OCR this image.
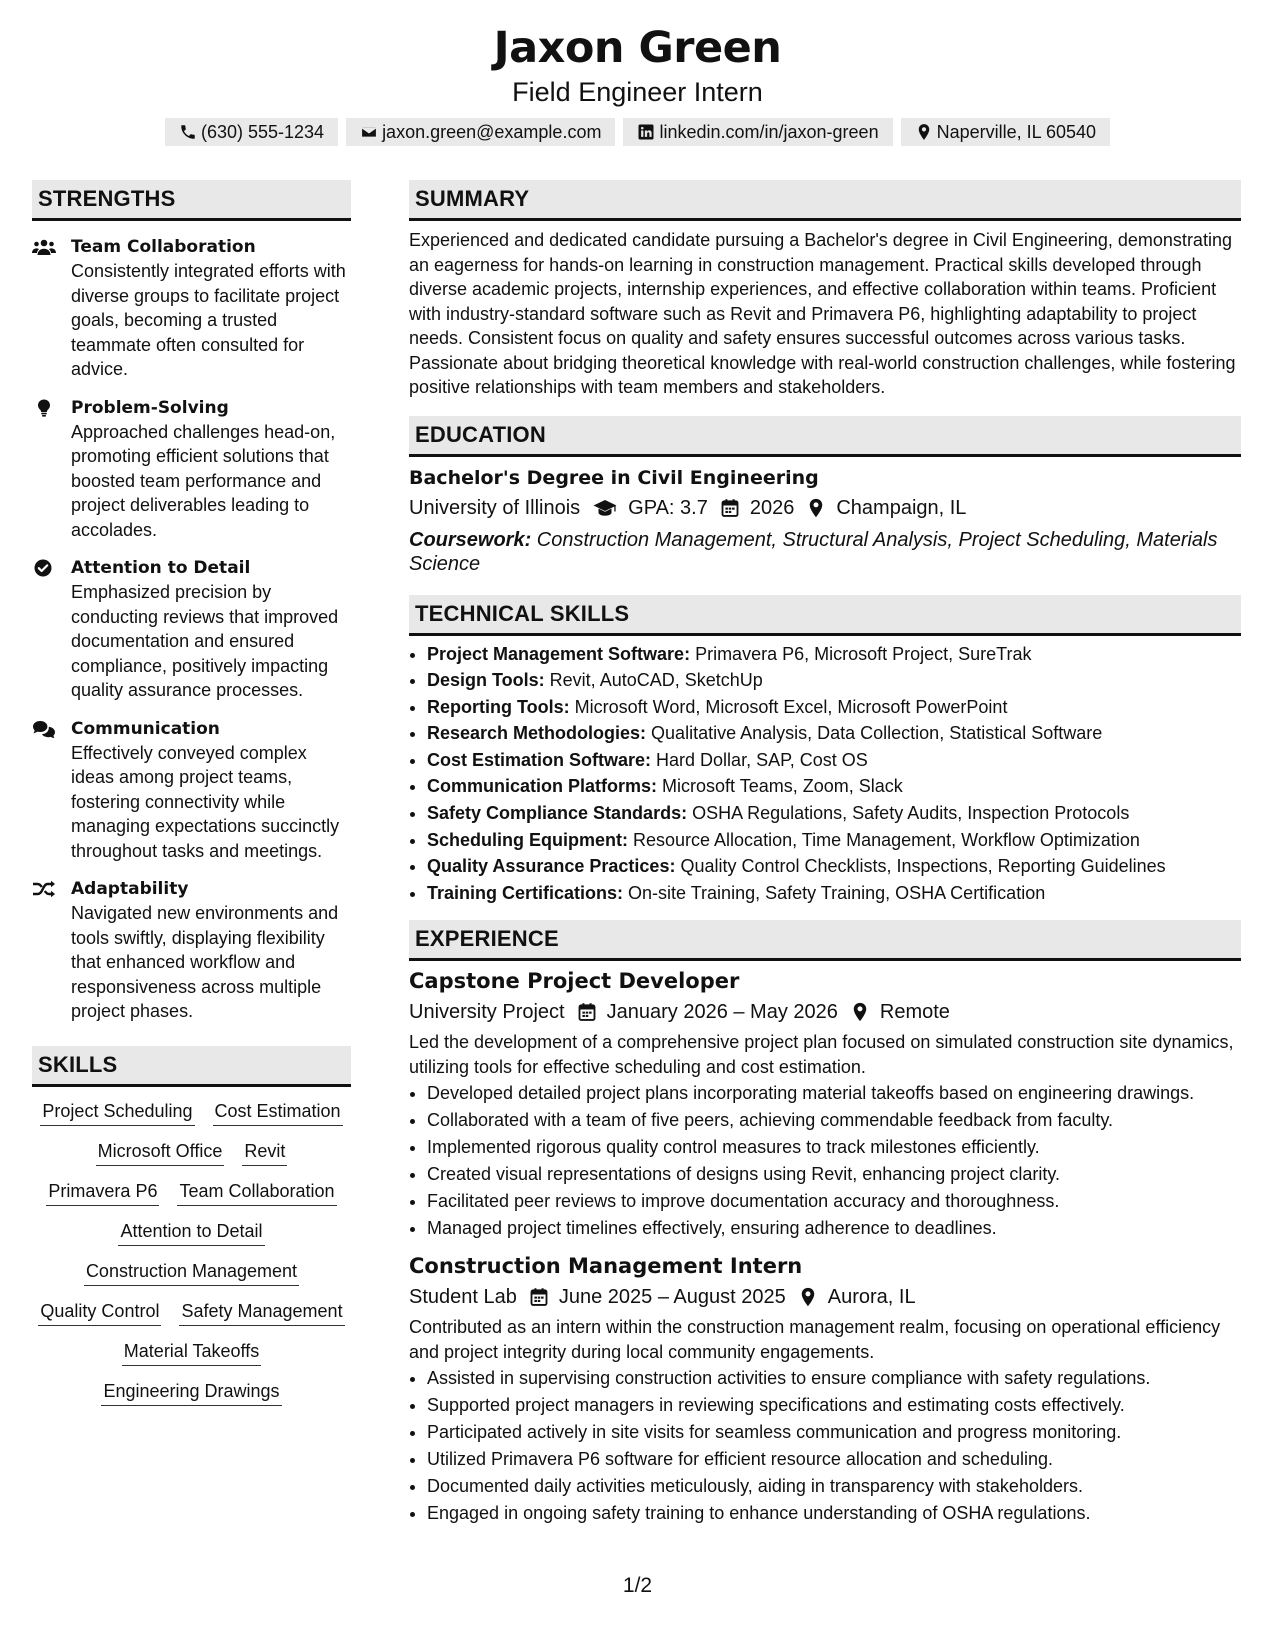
Jaxon Green
Field Engineer Intern
(630) 555-1234	jaxon.green@example.com	linkedin.com/in/jaxon-green	Naperville, IL 60540
STRENGTHS
Team Collaboration
Consistently integrated efforts with diverse groups to facilitate project goals, becoming a trusted teammate often consulted for advice.
Problem-Solving
Approached challenges head-on, promoting efficient solutions that boosted team performance and project deliverables leading to accolades.
Attention to Detail
Emphasized precision by conducting reviews that improved documentation and ensured compliance, positively impacting quality assurance processes.
Communication
Effectively conveyed complex ideas among project teams, fostering connectivity while managing expectations succinctly throughout tasks and meetings.
Adaptability
Navigated new environments and tools swiftly, displaying flexibility that enhanced workflow and responsiveness across multiple project phases.
SKILLS
Project Scheduling Cost Estimation
Microsoft Office Revit
Primavera P6 Team Collaboration
Attention to Detail
Construction Management
Quality Control Safety Management
Material Takeoffs
Engineering Drawings
SUMMARY
Experienced and dedicated candidate pursuing a Bachelor's degree in Civil Engineering, demonstrating an eagerness for hands-on learning in construction management. Practical skills developed through diverse academic projects, internship experiences, and effective collaboration within teams. Proficient with industry-standard software such as Revit and Primavera P6, highlighting adaptability to project needs. Consistent focus on quality and safety ensures successful outcomes across various tasks. Passionate about bridging theoretical knowledge with real-world construction challenges, while fostering positive relationships with team members and stakeholders.
EDUCATION
Bachelor's Degree in Civil Engineering
University of Illinois GPA: 3.7 2026 Champaign, IL
Coursework: Construction Management, Structural Analysis, Project Scheduling, Materials Science
TECHNICAL SKILLS
• Project Management Software: Primavera P6, Microsoft Project, SureTrak
• Design Tools: Revit, AutoCAD, SketchUp
• Reporting Tools: Microsoft Word, Microsoft Excel, Microsoft PowerPoint
• Research Methodologies: Qualitative Analysis, Data Collection, Statistical Software
• Cost Estimation Software: Hard Dollar, SAP, Cost OS
• Communication Platforms: Microsoft Teams, Zoom, Slack
• Safety Compliance Standards: OSHA Regulations, Safety Audits, Inspection Protocols
• Scheduling Equipment: Resource Allocation, Time Management, Workflow Optimization
• Quality Assurance Practices: Quality Control Checklists, Inspections, Reporting Guidelines
• Training Certifications: On-site Training, Safety Training, OSHA Certification
EXPERIENCE
Capstone Project Developer
University Project January 2026 – May 2026 Remote
Led the development of a comprehensive project plan focused on simulated construction site dynamics, utilizing tools for effective scheduling and cost estimation.
• Developed detailed project plans incorporating material takeoffs based on engineering drawings.
• Collaborated with a team of five peers, achieving commendable feedback from faculty.
• Implemented rigorous quality control measures to track milestones efficiently.
• Created visual representations of designs using Revit, enhancing project clarity.
• Facilitated peer reviews to improve documentation accuracy and thoroughness.
• Managed project timelines effectively, ensuring adherence to deadlines.
Construction Management Intern
Student Lab June 2025 – August 2025 Aurora, IL
Contributed as an intern within the construction management realm, focusing on operational efficiency and project integrity during local community engagements.
• Assisted in supervising construction activities to ensure compliance with safety regulations.
• Supported project managers in reviewing specifications and estimating costs effectively.
• Participated actively in site visits for seamless communication and progress monitoring.
• Utilized Primavera P6 software for efficient resource allocation and scheduling.
• Documented daily activities meticulously, aiding in transparency with stakeholders.
• Engaged in ongoing safety training to enhance understanding of OSHA regulations.
1/2
